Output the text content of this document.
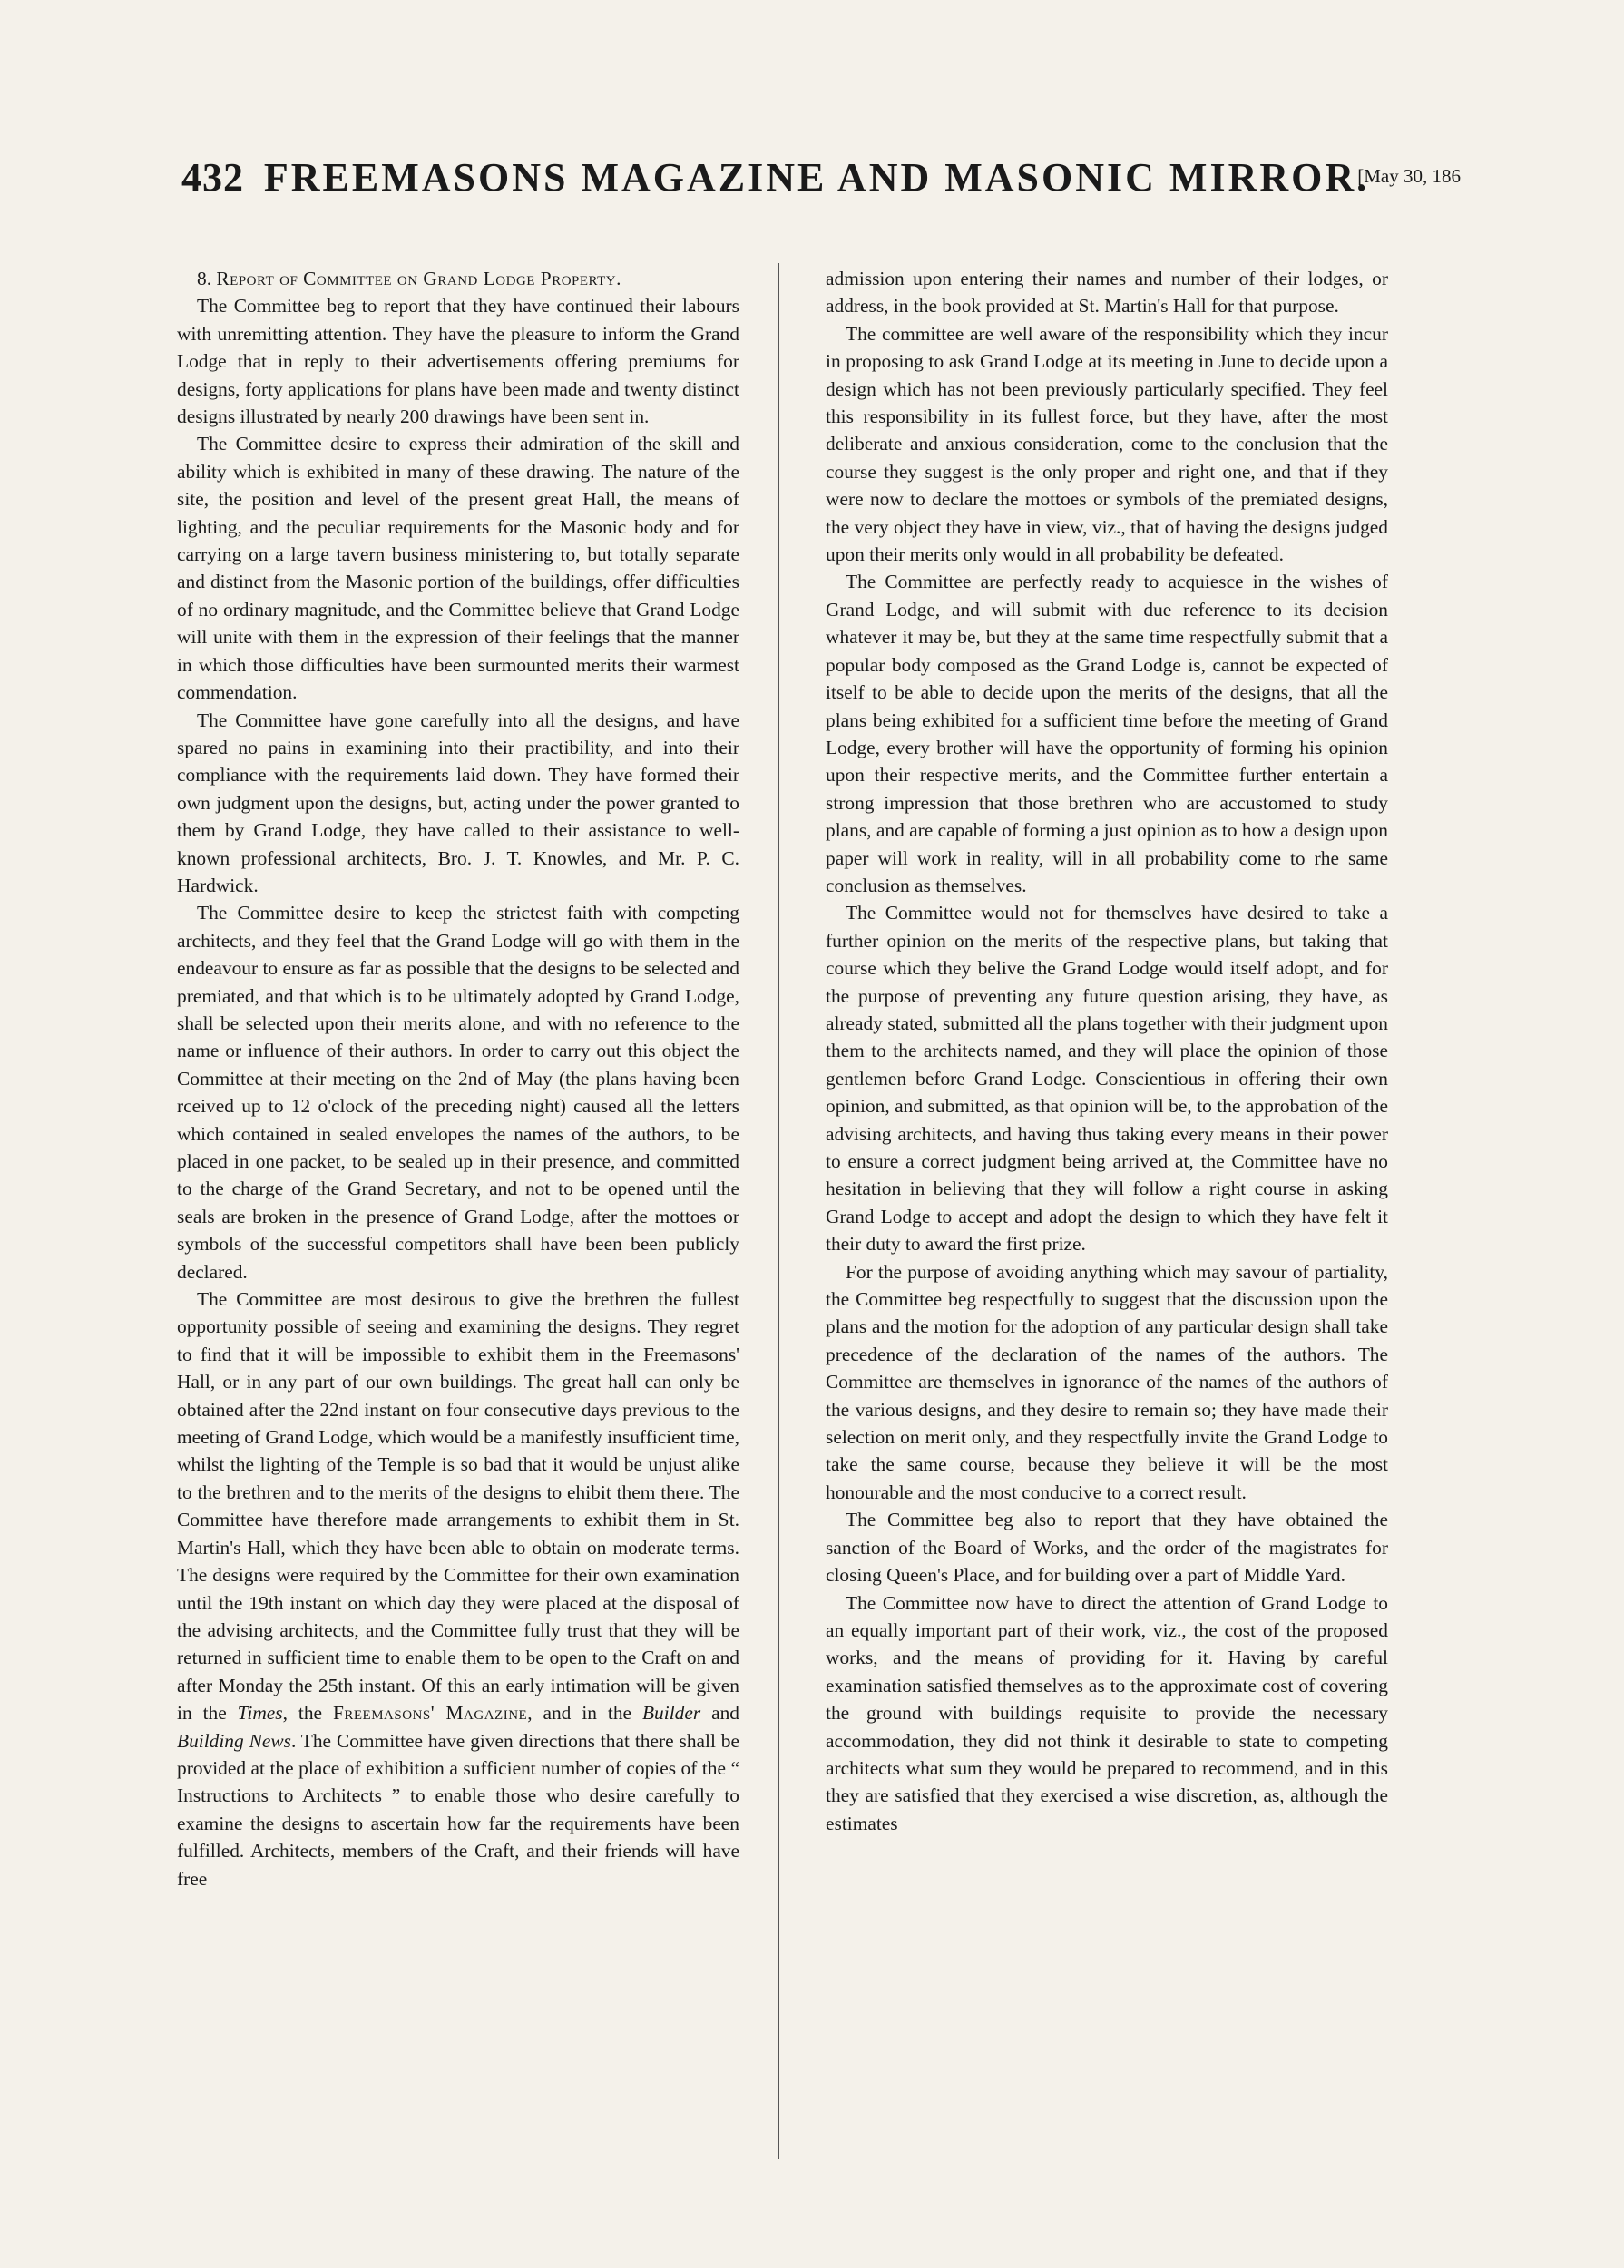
432 FREEMASONS MAGAZINE AND MASONIC MIRROR.
[May 30, 186

8. Report of Committee on Grand Lodge Property.

The Committee beg to report that they have continued their labours with unremitting attention. They have the pleasure to inform the Grand Lodge that in reply to their advertisements offering premiums for designs, forty applications for plans have been made and twenty distinct designs illustrated by nearly 200 drawings have been sent in.

The Committee desire to express their admiration of the skill and ability which is exhibited in many of these drawing. The nature of the site, the position and level of the present great Hall, the means of lighting, and the peculiar requirements for the Masonic body and for carrying on a large tavern business ministering to, but totally separate and distinct from the Masonic portion of the buildings, offer difficulties of no ordinary magnitude, and the Committee believe that Grand Lodge will unite with them in the expression of their feelings that the manner in which those difficulties have been surmounted merits their warmest commendation.

The Committee have gone carefully into all the designs, and have spared no pains in examining into their practibility, and into their compliance with the requirements laid down. They have formed their own judgment upon the designs, but, acting under the power granted to them by Grand Lodge, they have called to their assistance to well-known professional architects, Bro. J. T. Knowles, and Mr. P. C. Hardwick.

The Committee desire to keep the strictest faith with competing architects, and they feel that the Grand Lodge will go with them in the endeavour to ensure as far as possible that the designs to be selected and premiated, and that which is to be ultimately adopted by Grand Lodge, shall be selected upon their merits alone, and with no reference to the name or influence of their authors. In order to carry out this object the Committee at their meeting on the 2nd of May (the plans having been rceived up to 12 o'clock of the preceding night) caused all the letters which contained in sealed envelopes the names of the authors, to be placed in one packet, to be sealed up in their presence, and committed to the charge of the Grand Secretary, and not to be opened until the seals are broken in the presence of Grand Lodge, after the mottoes or symbols of the successful competitors shall have been been publicly declared.

The Committee are most desirous to give the brethren the fullest opportunity possible of seeing and examining the designs. They regret to find that it will be impossible to exhibit them in the Freemasons' Hall, or in any part of our own buildings. The great hall can only be obtained after the 22nd instant on four consecutive days previous to the meeting of Grand Lodge, which would be a manifestly insufficient time, whilst the lighting of the Temple is so bad that it would be unjust alike to the brethren and to the merits of the designs to ehibit them there. The Committee have therefore made arrangements to exhibit them in St. Martin's Hall, which they have been able to obtain on moderate terms. The designs were required by the Committee for their own examination until the 19th instant on which day they were placed at the disposal of the advising architects, and the Committee fully trust that they will be returned in sufficient time to enable them to be open to the Craft on and after Monday the 25th instant. Of this an early intimation will be given in the Times, the Freemasons' Magazine, and in the Builder and Building News. The Committee have given directions that there shall be provided at the place of exhibition a sufficient number of copies of the “ Instructions to Architects ” to enable those who desire carefully to examine the designs to ascertain how far the requirements have been fulfilled. Architects, members of the Craft, and their friends will have free

admission upon entering their names and number of their lodges, or address, in the book provided at St. Martin's Hall for that purpose.

The committee are well aware of the responsibility which they incur in proposing to ask Grand Lodge at its meeting in June to decide upon a design which has not been previously particularly specified. They feel this responsibility in its fullest force, but they have, after the most deliberate and anxious consideration, come to the conclusion that the course they suggest is the only proper and right one, and that if they were now to declare the mottoes or symbols of the premiated designs, the very object they have in view, viz., that of having the designs judged upon their merits only would in all probability be defeated.

The Committee are perfectly ready to acquiesce in the wishes of Grand Lodge, and will submit with due reference to its decision whatever it may be, but they at the same time respectfully submit that a popular body composed as the Grand Lodge is, cannot be expected of itself to be able to decide upon the merits of the designs, that all the plans being exhibited for a sufficient time before the meeting of Grand Lodge, every brother will have the opportunity of forming his opinion upon their respective merits, and the Committee further entertain a strong impression that those brethren who are accustomed to study plans, and are capable of forming a just opinion as to how a design upon paper will work in reality, will in all probability come to rhe same conclusion as themselves.

The Committee would not for themselves have desired to take a further opinion on the merits of the respective plans, but taking that course which they belive the Grand Lodge would itself adopt, and for the purpose of preventing any future question arising, they have, as already stated, submitted all the plans together with their judgment upon them to the architects named, and they will place the opinion of those gentlemen before Grand Lodge. Conscientious in offering their own opinion, and submitted, as that opinion will be, to the approbation of the advising architects, and having thus taking every means in their power to ensure a correct judgment being arrived at, the Committee have no hesitation in believing that they will follow a right course in asking Grand Lodge to accept and adopt the design to which they have felt it their duty to award the first prize.

For the purpose of avoiding anything which may savour of partiality, the Committee beg respectfully to suggest that the discussion upon the plans and the motion for the adoption of any particular design shall take precedence of the declaration of the names of the authors. The Committee are themselves in ignorance of the names of the authors of the various designs, and they desire to remain so; they have made their selection on merit only, and they respectfully invite the Grand Lodge to take the same course, because they believe it will be the most honourable and the most conducive to a correct result.

The Committee beg also to report that they have obtained the sanction of the Board of Works, and the order of the magistrates for closing Queen's Place, and for building over a part of Middle Yard.

The Committee now have to direct the attention of Grand Lodge to an equally important part of their work, viz., the cost of the proposed works, and the means of providing for it. Having by careful examination satisfied themselves as to the approximate cost of covering the ground with buildings requisite to provide the necessary accommodation, they did not think it desirable to state to competing architects what sum they would be prepared to recommend, and in this they are satisfied that they exercised a wise discretion, as, although the estimates
